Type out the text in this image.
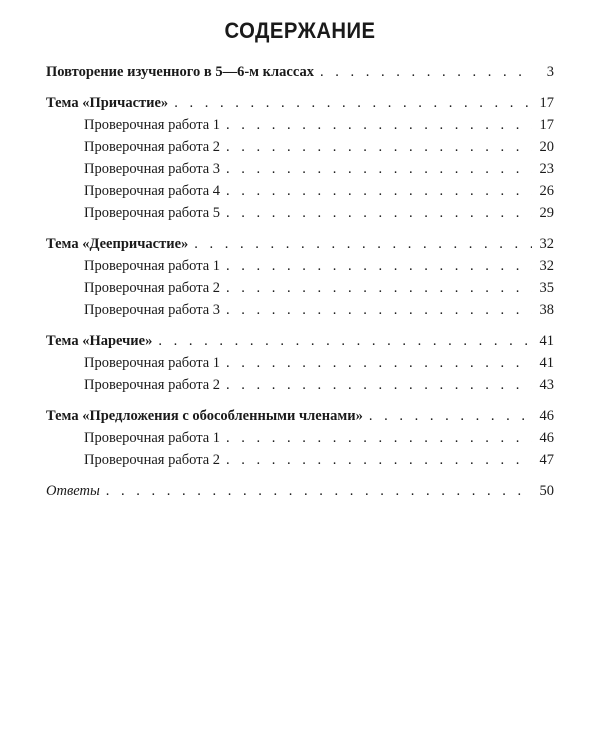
СОДЕРЖАНИЕ
Повторение изученного в 5—6-м классах . . .	3
Тема «Причастие» . . .	17
Проверочная работа 1 . . .	17
Проверочная работа 2 . . .	20
Проверочная работа 3 . . .	23
Проверочная работа 4 . . .	26
Проверочная работа 5 . . .	29
Тема «Деепричастие» . . .	32
Проверочная работа 1 . . .	32
Проверочная работа 2 . . .	35
Проверочная работа 3 . . .	38
Тема «Наречие» . . .	41
Проверочная работа 1 . . .	41
Проверочная работа 2 . . .	43
Тема «Предложения с обособленными членами» . . .	46
Проверочная работа 1 . . .	46
Проверочная работа 2 . . .	47
Ответы . . .	50
